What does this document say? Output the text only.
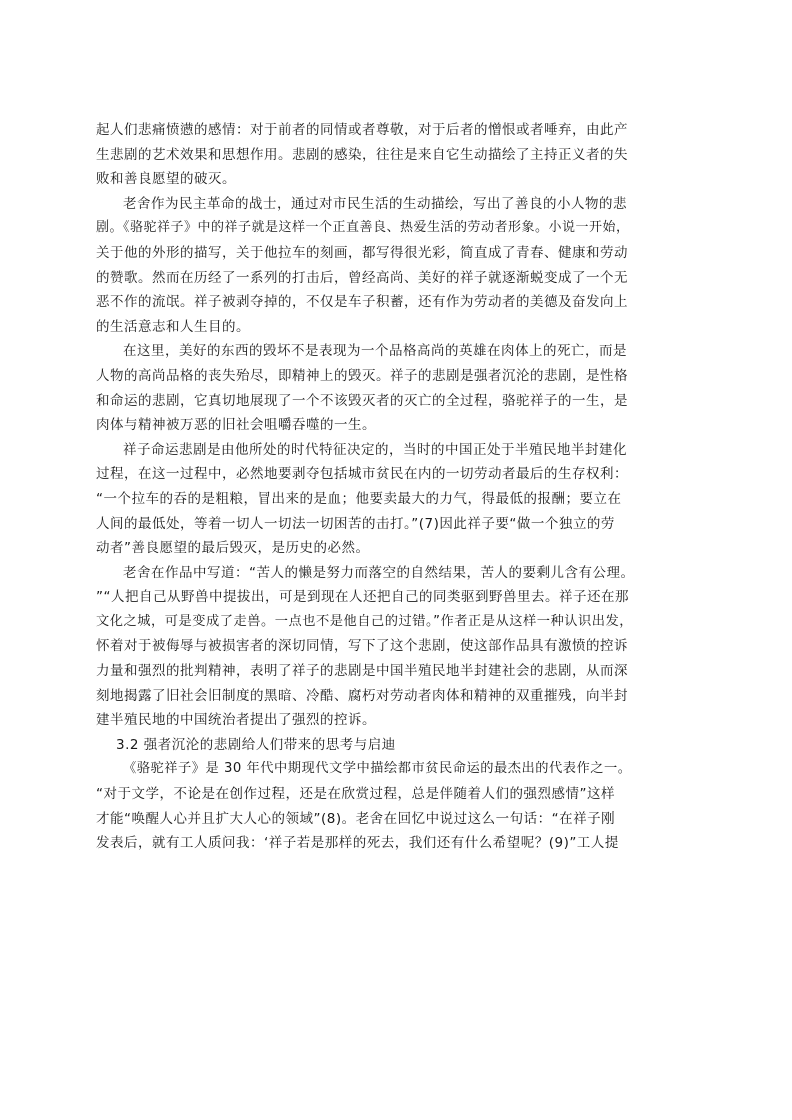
起人们悲痛愤懑的感情：对于前者的同情或者尊敬，对于后者的憎恨或者唾弃，由此产
生悲剧的艺术效果和思想作用。悲剧的感染，往往是来自它生动描绘了主持正义者的失
败和善良愿望的破灭。
老舍作为民主革命的战士，通过对市民生活的生动描绘，写出了善良的小人物的悲
剧。《骆驼祥子》中的祥子就是这样一个正直善良、热爱生活的劳动者形象。小说一开始，
关于他的外形的描写，关于他拉车的刻画，都写得很光彩，简直成了青春、健康和劳动
的赞歌。然而在历经了一系列的打击后，曾经高尚、美好的祥子就逐渐蜕变成了一个无
恶不作的流氓。祥子被剥夺掉的，不仅是车子积蓄，还有作为劳动者的美德及奋发向上
的生活意志和人生目的。
在这里，美好的东西的毁坏不是表现为一个品格高尚的英雄在肉体上的死亡，而是
人物的高尚品格的丧失殆尽，即精神上的毁灭。祥子的悲剧是强者沉沦的悲剧，是性格
和命运的悲剧，它真切地展现了一个不该毁灭者的灭亡的全过程，骆驼祥子的一生，是
肉体与精神被万恶的旧社会咀嚼吞噬的一生。
祥子命运悲剧是由他所处的时代特征决定的，当时的中国正处于半殖民地半封建化
过程，在这一过程中，必然地要剥夺包括城市贫民在内的一切劳动者最后的生存权利：
“一个拉车的吞的是粗粮，冒出来的是血；他要卖最大的力气，得最低的报酬；要立在
人间的最低处，等着一切人一切法一切困苦的击打。”(7)因此祥子要“做一个独立的劳
动者”善良愿望的最后毁灭，是历史的必然。
老舍在作品中写道：“苦人的懒是努力而落空的自然结果，苦人的要剩儿含有公理。
”“人把自己从野兽中提拔出，可是到现在人还把自己的同类驱到野兽里去。祥子还在那
文化之城，可是变成了走兽。一点也不是他自己的过错。”作者正是从这样一种认识出发，
怀着对于被侮辱与被损害者的深切同情，写下了这个悲剧，使这部作品具有激愤的控诉
力量和强烈的批判精神，表明了祥子的悲剧是中国半殖民地半封建社会的悲剧，从而深
刻地揭露了旧社会旧制度的黑暗、冷酷、腐朽对劳动者肉体和精神的双重摧残，向半封
建半殖民地的中国统治者提出了强烈的控诉。
3.2 强者沉沦的悲剧给人们带来的思考与启迪
《骆驼祥子》是 30 年代中期现代文学中描绘都市贫民命运的最杰出的代表作之一。
“对于文学，不论是在创作过程，还是在欣赏过程，总是伴随着人们的强烈感情”这样
才能“唤醒人心并且扩大人心的领域”(8)。老舍在回忆中说过这么一句话：“在祥子刚
发表后，就有工人质问我：‘祥子若是那样的死去，我们还有什么希望呢？(9)”工人提
